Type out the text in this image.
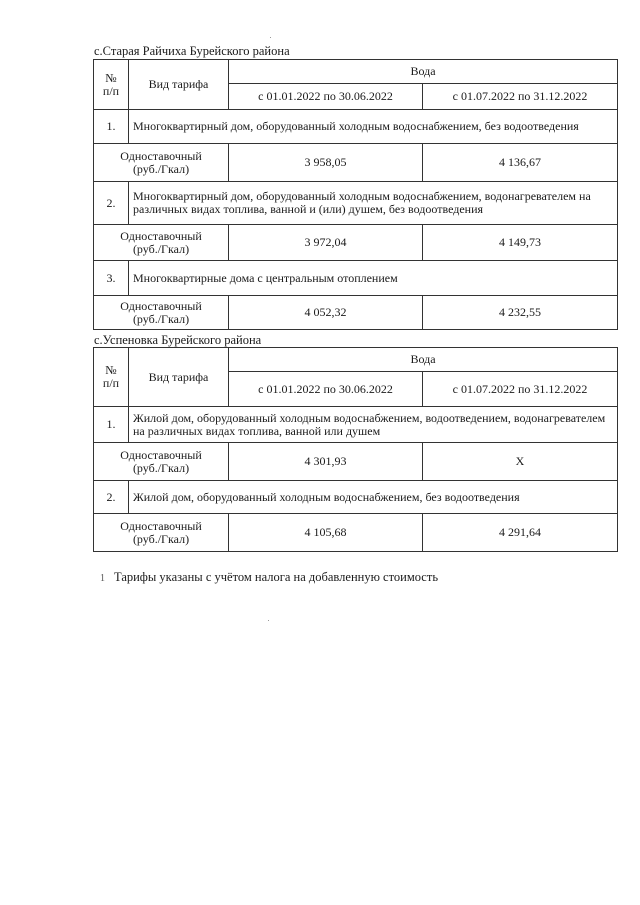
с.Старая Райчиха Бурейского района
№
п/п	Вид тарифа	Вода	
		с 01.01.2022 по 30.06.2022	с 01.07.2022 по 31.12.2022
1.	Многоквартирный дом, оборудованный холодным водоснабжением, без водоотведения		
Одноставочный
(руб./Гкал)		3 958,05	4 136,67
2.	Многоквартирный дом, оборудованный холодным водоснабжением, водонагревателем на различных видах топлива, ванной и (или) душем, без водоотведения		
Одноставочный
(руб./Гкал)		3 972,04	4 149,73
3.	Многоквартирные дома с центральным отоплением		
Одноставочный
(руб./Гкал)		4 052,32	4 232,55
с.Успеновка Бурейского района
№
п/п	Вид тарифа	Вода	
		с 01.01.2022 по 30.06.2022	с 01.07.2022 по 31.12.2022
1.	Жилой дом, оборудованный холодным водоснабжением, водоотведением, водонагревателем на различных видах топлива, ванной или душем		
Одноставочный
(руб./Гкал)		4 301,93	Х
2.	Жилой дом, оборудованный холодным водоснабжением, без водоотведения		
Одноставочный
(руб./Гкал)		4 105,68	4 291,64
1 Тарифы указаны с учётом налога на добавленную стоимость
